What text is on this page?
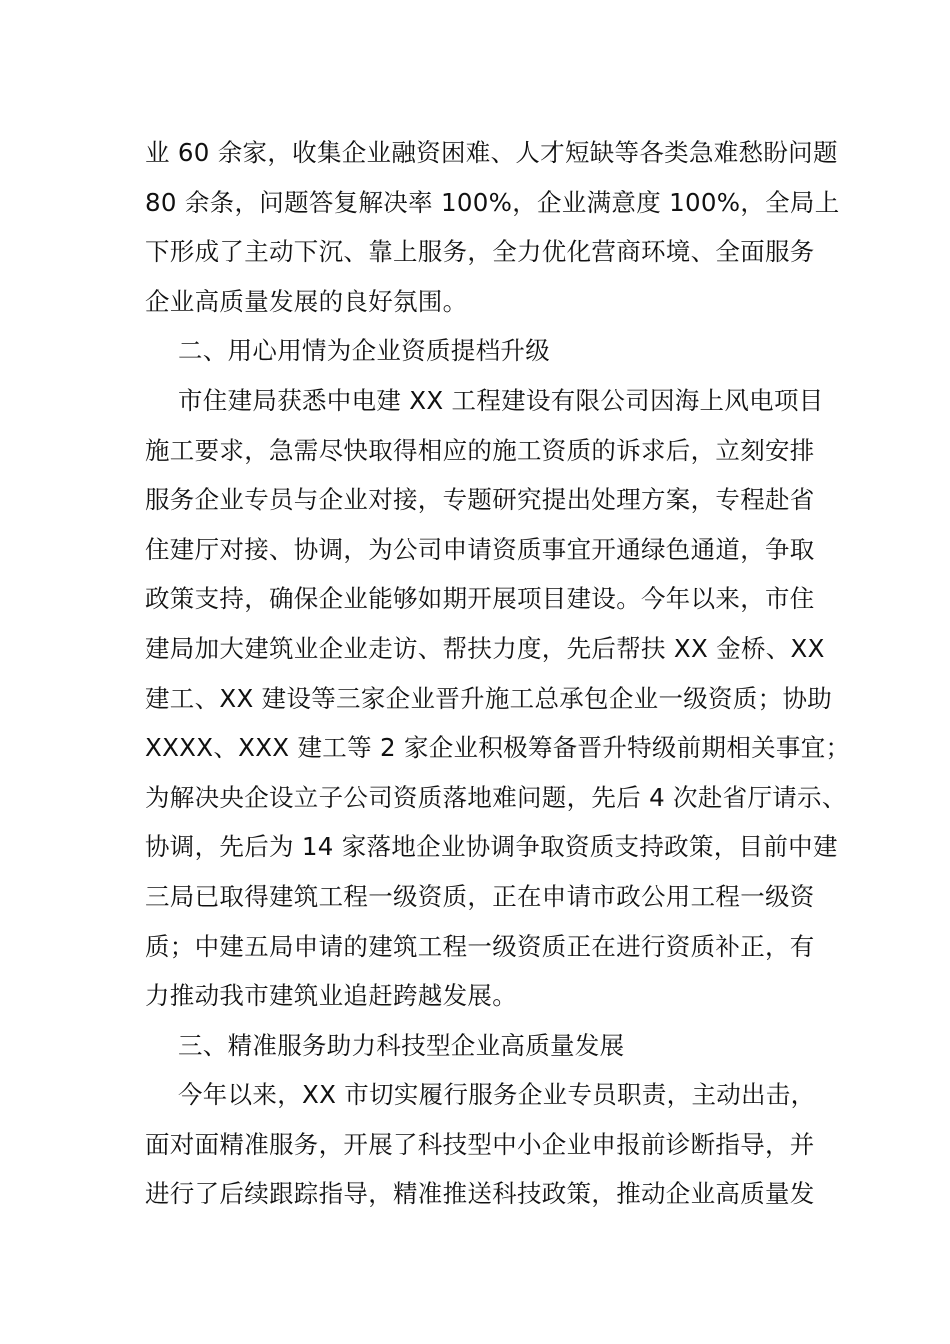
业 60 余家，收集企业融资困难、人才短缺等各类急难愁盼问题
80 余条，问题答复解决率 100%，企业满意度 100%，全局上
下形成了主动下沉、靠上服务，全力优化营商环境、全面服务
企业高质量发展的良好氛围。
二、用心用情为企业资质提档升级
市住建局获悉中电建 XX 工程建设有限公司因海上风电项目
施工要求，急需尽快取得相应的施工资质的诉求后，立刻安排
服务企业专员与企业对接，专题研究提出处理方案，专程赴省
住建厅对接、协调，为公司申请资质事宜开通绿色通道，争取
政策支持，确保企业能够如期开展项目建设。今年以来，市住
建局加大建筑业企业走访、帮扶力度，先后帮扶 XX 金桥、XX
建工、XX 建设等三家企业晋升施工总承包企业一级资质；协助
XXXX、XXX 建工等 2 家企业积极筹备晋升特级前期相关事宜；
为解决央企设立子公司资质落地难问题，先后 4 次赴省厅请示、
协调，先后为 14 家落地企业协调争取资质支持政策，目前中建
三局已取得建筑工程一级资质，正在申请市政公用工程一级资
质；中建五局申请的建筑工程一级资质正在进行资质补正，有
力推动我市建筑业追赶跨越发展。
三、精准服务助力科技型企业高质量发展
今年以来，XX 市切实履行服务企业专员职责，主动出击，
面对面精准服务，开展了科技型中小企业申报前诊断指导，并
进行了后续跟踪指导，精准推送科技政策，推动企业高质量发
